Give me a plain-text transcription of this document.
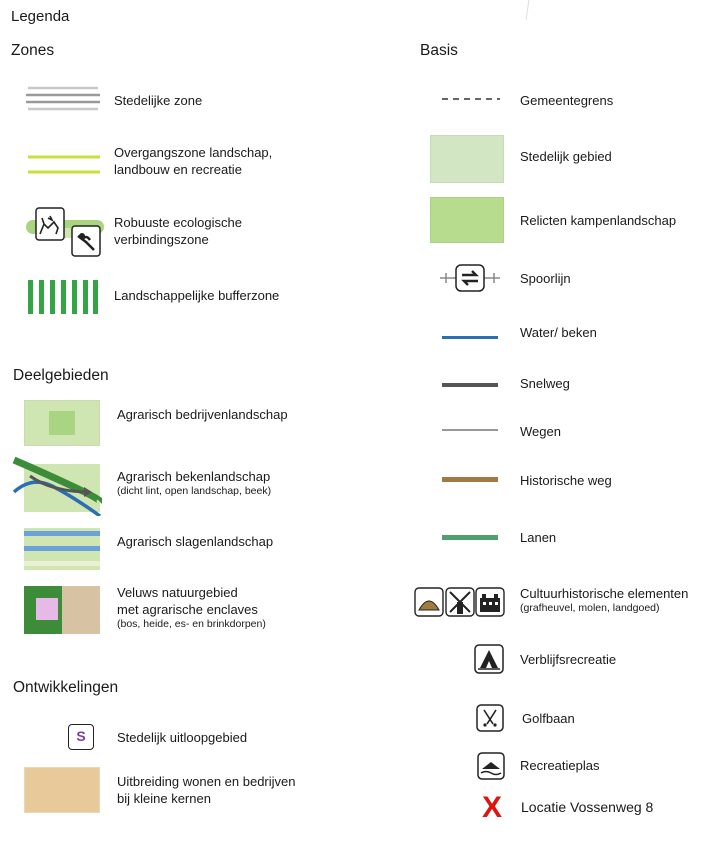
Legenda
Zones
Stedelijke zone
Overgangszone landschap,
landbouw en recreatie
Robuuste ecologische
verbindingszone
Landschappelijke bufferzone
Deelgebieden
Agrarisch bedrijvenlandschap
Agrarisch bekenlandschap
(dicht lint, open landschap, beek)
Agrarisch slagenlandschap
Veluws natuurgebied
met agrarische enclaves
(bos, heide, es- en brinkdorpen)
Ontwikkelingen
S	Stedelijk uitloopgebied
Uitbreiding wonen en bedrijven
bij kleine kernen
Basis
Gemeentegrens
Stedelijk gebied
Relicten kampenlandschap
Spoorlijn
Water/ beken
Snelweg
Wegen
Historische weg
Lanen
Cultuurhistorische elementen
(grafheuvel, molen, landgoed)
Verblijfsrecreatie
Golfbaan
Recreatieplas
X Locatie Vossenweg 8
